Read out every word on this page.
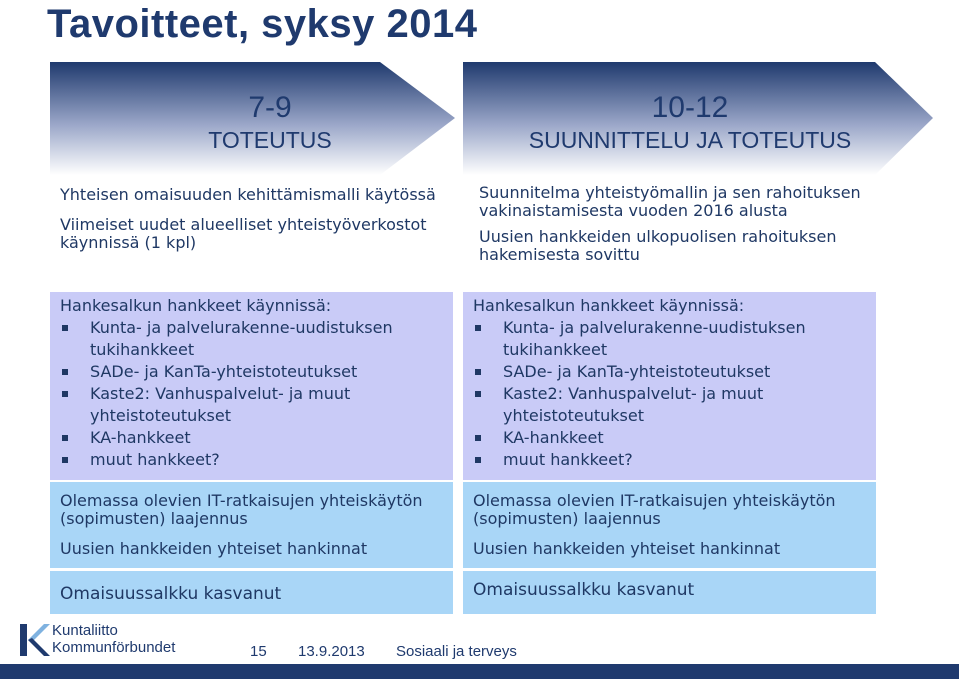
Tavoitteet, syksy 2014
7-9
TOTEUTUS
10-12
SUUNNITTELU JA TOTEUTUS
Yhteisen omaisuuden kehittämismalli käytössä
Viimeiset uudet alueelliset yhteistyöverkostot käynnissä (1 kpl)
Hankesalkun hankkeet käynnissä:
Kunta- ja palvelurakenne-uudistuksen tukihankkeet
SADe- ja KanTa-yhteistoteutukset
Kaste2: Vanhuspalvelut- ja muut yhteistoteutukset
KA-hankkeet
muut hankkeet?
Olemassa olevien IT-ratkaisujen yhteiskäytön (sopimusten) laajennus
Uusien hankkeiden yhteiset hankinnat
Omaisuussalkku kasvanut
Suunnitelma yhteistyömallin ja sen rahoituksen vakinaistamisesta vuoden 2016 alusta
Uusien hankkeiden ulkopuolisen rahoituksen hakemisesta sovittu
Hankesalkun hankkeet käynnissä:
Kunta- ja palvelurakenne-uudistuksen tukihankkeet
SADe- ja KanTa-yhteistoteutukset
Kaste2: Vanhuspalvelut- ja muut yhteistoteutukset
KA-hankkeet
muut hankkeet?
Olemassa olevien IT-ratkaisujen yhteiskäytön (sopimusten) laajennus
Uusien hankkeiden yhteiset hankinnat
Omaisuussalkku kasvanut
Kuntaliitto
Kommunförbundet	15 13.9.2013 Sosiaali ja terveys
